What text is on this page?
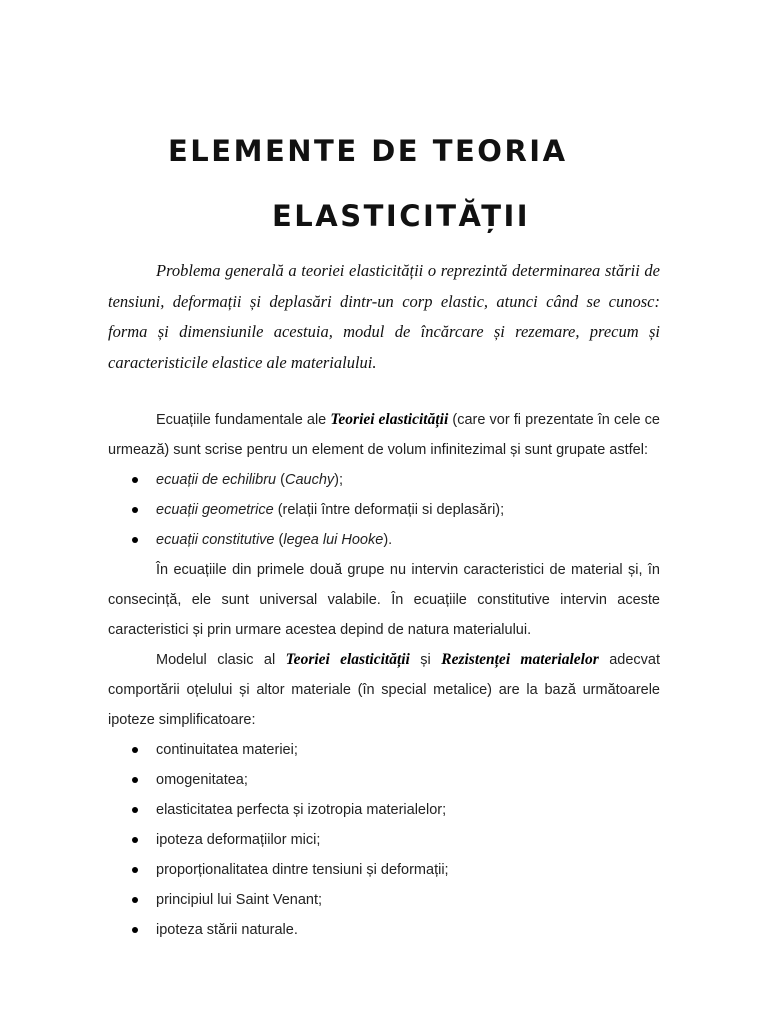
ELEMENTE DE TEORIA
ELASTICITĂȚII

Problema generală a teoriei elasticității o reprezintă determinarea stării de tensiuni, deformații și deplasări dintr-un corp elastic, atunci când se cunosc: forma și dimensiunile acestuia, modul de încărcare și rezemare, precum și caracteristicile elastice ale materialului.

Ecuațiile fundamentale ale Teoriei elasticității (care vor fi prezentate în cele ce urmează) sunt scrise pentru un element de volum infinitezimal și sunt grupate astfel:

ecuații de echilibru (Cauchy);
ecuații geometrice (relații între deformații si deplasări);
ecuații constitutive (legea lui Hooke).

În ecuațiile din primele două grupe nu intervin caracteristici de material și, în consecință, ele sunt universal valabile. În ecuațiile constitutive intervin aceste caracteristici și prin urmare acestea depind de natura materialului.

Modelul clasic al Teoriei elasticității și Rezistenței materialelor adecvat comportării oțelului și altor materiale (în special metalice) are la bază următoarele ipoteze simplificatoare:

continuitatea materiei;
omogenitatea;
elasticitatea perfecta și izotropia materialelor;
ipoteza deformațiilor mici;
proporționalitatea dintre tensiuni și deformații;
principiul lui Saint Venant;
ipoteza stării naturale.
